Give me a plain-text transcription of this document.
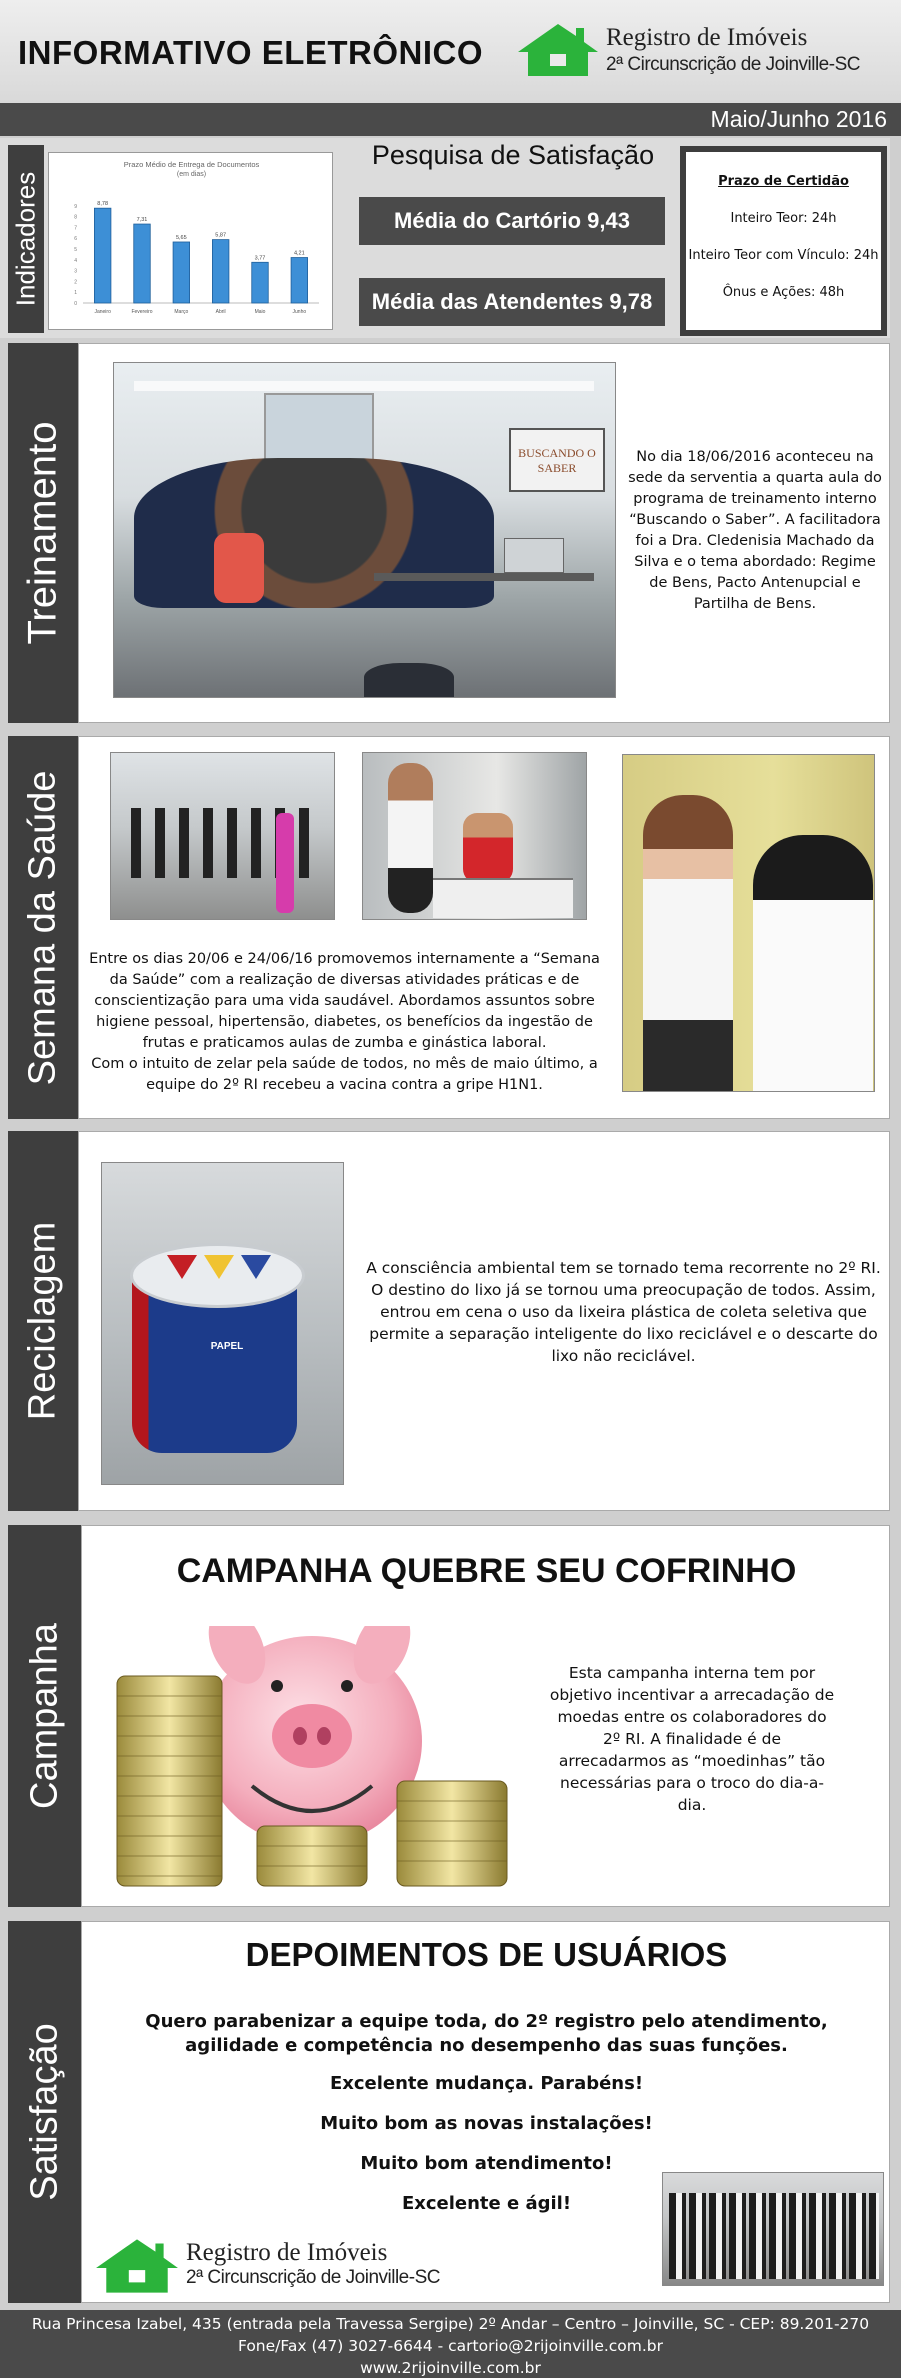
INFORMATIVO ELETRÔNICO	Registro de Imóveis
2ª Circunscrição de Joinville-SC
Maio/Junho 2016
Indicadores
Prazo Médio de Entrega de Documentos
(em dias)
0
1
2
3
4
5
6
7
8
9	8,78
Janeiro
7,31
Fevereiro
5,65
Março
5,87
Abril
3,77
Maio
4,21
Junho
Pesquisa de Satisfação
Média do Cartório 9,43
Média das Atendentes 9,78
Prazo de Certidão
Inteiro Teor: 24h
Inteiro Teor com Vínculo: 24h
Ônus e Ações: 48h
Treinamento	BUSCANDO O SABER
No dia 18/06/2016 aconteceu na sede da serventia a quarta aula do programa de treinamento interno “Buscando o Saber”. A facilitadora foi a Dra. Cledenisia Machado da Silva e o tema abordado: Regime de Bens, Pacto Antenupcial e Partilha de Bens.
Semana da Saúde Entre os dias 20/06 e 24/06/16 promovemos internamente a “Semana da Saúde” com a realização de diversas atividades práticas e de conscientização para uma vida saudável. Abordamos assuntos sobre higiene pessoal, hipertensão, diabetes, os benefícios da ingestão de frutas e praticamos aulas de zumba e ginástica laboral.
Com o intuito de zelar pela saúde de todos, no mês de maio último, a equipe do 2º RI recebeu a vacina contra a gripe H1N1.
Reciclagem	PAPEL
A consciência ambiental tem se tornado tema recorrente no 2º RI. O destino do lixo já se tornou uma preocupação de todos. Assim, entrou em cena o uso da lixeira plástica de coleta seletiva que permite a separação inteligente do lixo reciclável e o descarte do lixo não reciclável.
Campanha
CAMPANHA QUEBRE SEU COFRINHO
Esta campanha interna tem por objetivo incentivar a arrecadação de moedas entre os colaboradores do 2º RI. A finalidade é de arrecadarmos as “moedinhas” tão necessárias para o troco do dia-a-dia.
Satisfação
DEPOIMENTOS DE USUÁRIOS
Quero parabenizar a equipe toda, do 2º registro pelo atendimento, agilidade e competência no desempenho das suas funções.
Excelente mudança. Parabéns!
Muito bom as novas instalações!
Muito bom atendimento!
Excelente e ágil!
Registro de Imóveis
2ª Circunscrição de Joinville-SC
Rua Princesa Izabel, 435 (entrada pela Travessa Sergipe) 2º Andar – Centro – Joinville, SC - CEP: 89.201-270
Fone/Fax (47) 3027-6644 - cartorio@2rijoinville.com.br
www.2rijoinville.com.br
